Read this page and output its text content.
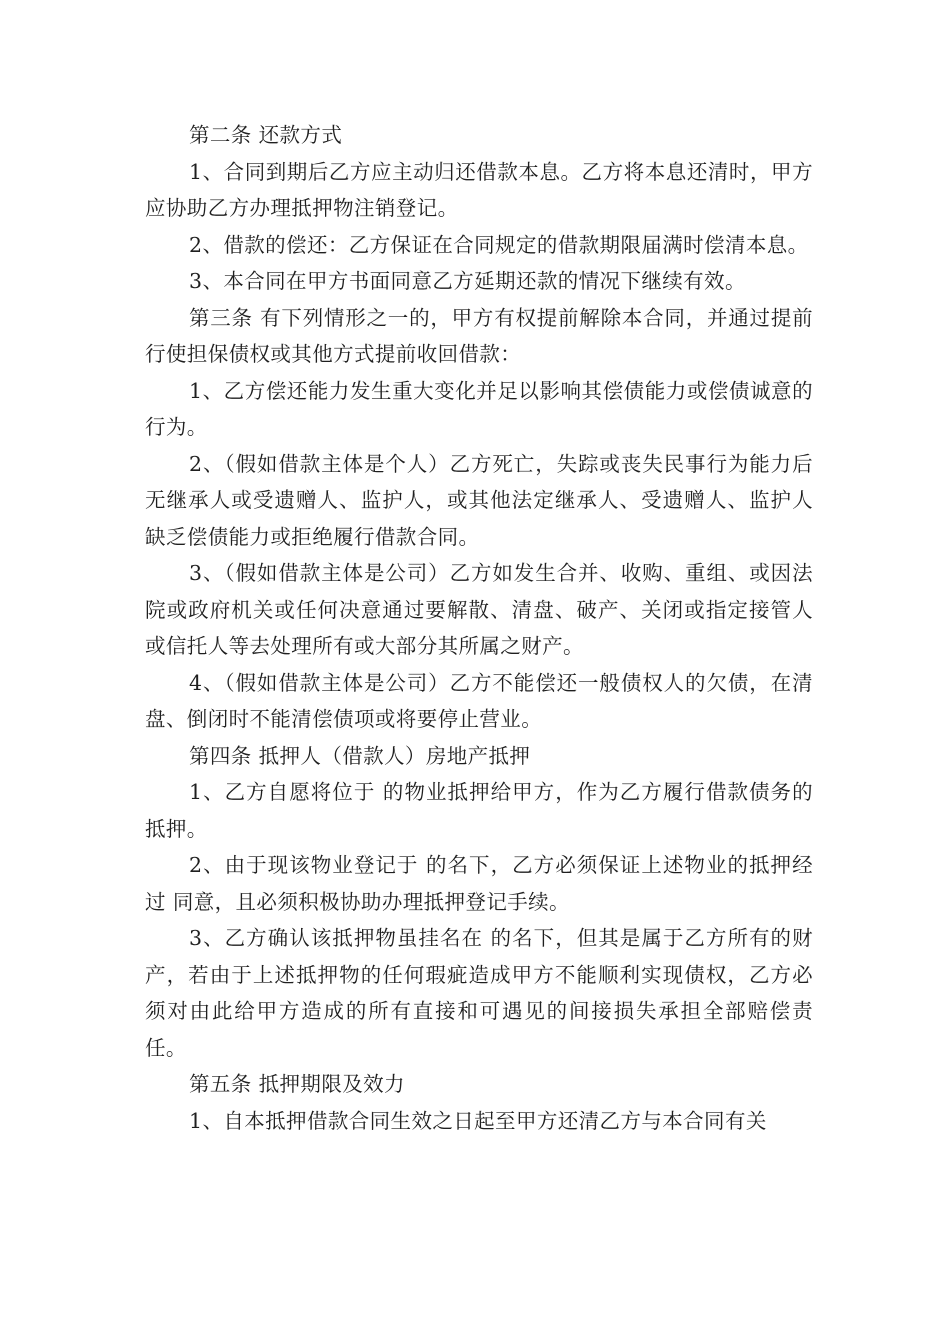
第二条 还款方式

1、合同到期后乙方应主动归还借款本息。乙方将本息还清时，甲方应协助乙方办理抵押物注销登记。

2、借款的偿还：乙方保证在合同规定的借款期限届满时偿清本息。

3、本合同在甲方书面同意乙方延期还款的情况下继续有效。

第三条 有下列情形之一的，甲方有权提前解除本合同，并通过提前行使担保债权或其他方式提前收回借款：

1、乙方偿还能力发生重大变化并足以影响其偿债能力或偿债诚意的行为。

2、（假如借款主体是个人）乙方死亡，失踪或丧失民事行为能力后无继承人或受遗赠人、监护人，或其他法定继承人、受遗赠人、监护人缺乏偿债能力或拒绝履行借款合同。

3、（假如借款主体是公司）乙方如发生合并、收购、重组、或因法院或政府机关或任何决意通过要解散、清盘、破产、关闭或指定接管人或信托人等去处理所有或大部分其所属之财产。

4、（假如借款主体是公司）乙方不能偿还一般债权人的欠债，在清盘、倒闭时不能清偿债项或将要停止营业。

第四条 抵押人（借款人）房地产抵押

1、乙方自愿将位于 的物业抵押给甲方，作为乙方履行借款债务的抵押。

2、由于现该物业登记于 的名下，乙方必须保证上述物业的抵押经过 同意，且必须积极协助办理抵押登记手续。

3、乙方确认该抵押物虽挂名在 的名下，但其是属于乙方所有的财产，若由于上述抵押物的任何瑕疵造成甲方不能顺利实现债权，乙方必须对由此给甲方造成的所有直接和可遇见的间接损失承担全部赔偿责任。

第五条 抵押期限及效力

1、自本抵押借款合同生效之日起至甲方还清乙方与本合同有关
